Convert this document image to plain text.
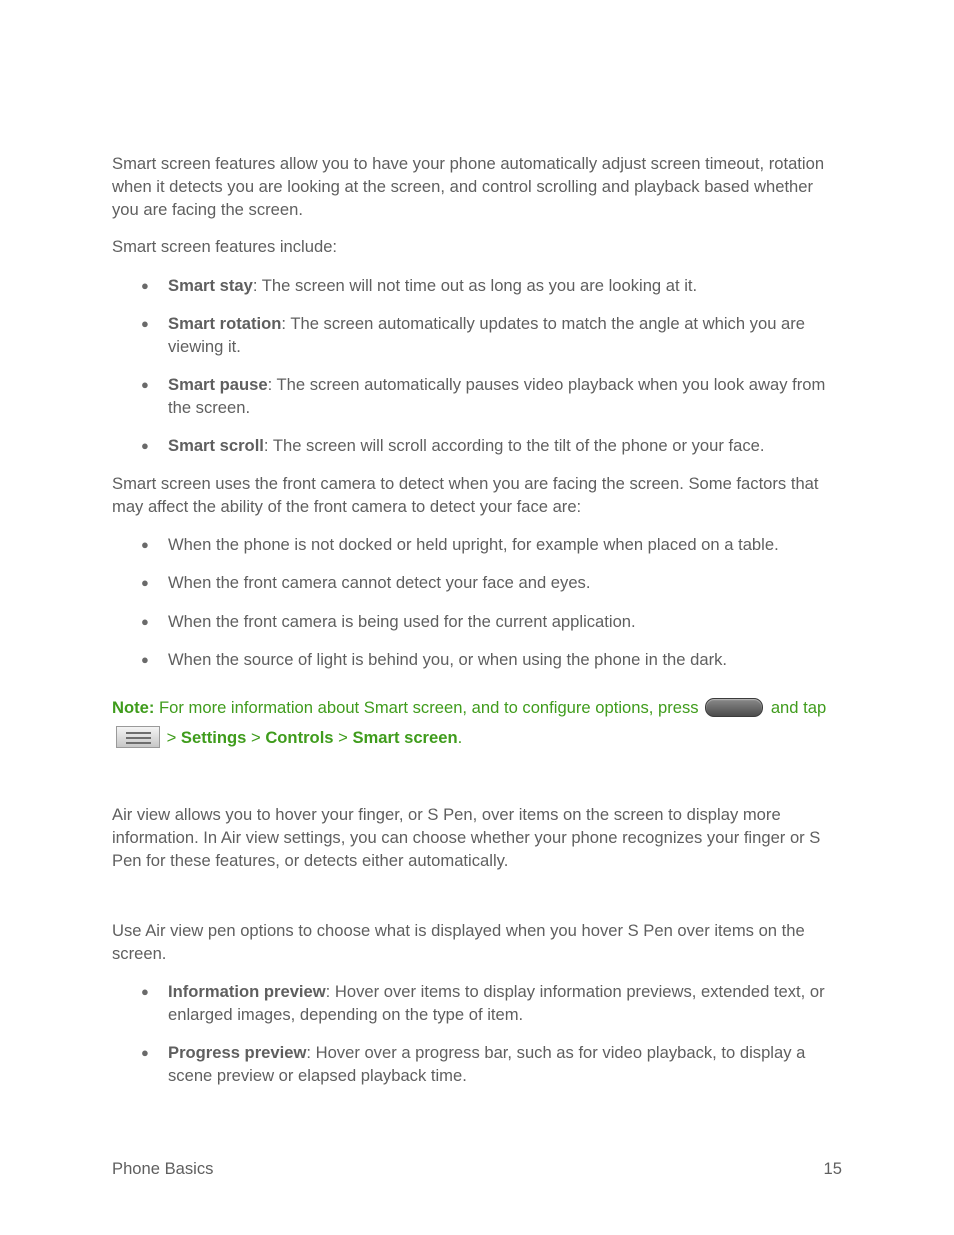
Smart screen features allow you to have your phone automatically adjust screen timeout, rotation when it detects you are looking at the screen, and control scrolling and playback based whether you are facing the screen.

Smart screen features include:

● Smart stay: The screen will not time out as long as you are looking at it.

● Smart rotation: The screen automatically updates to match the angle at which you are viewing it.

● Smart pause: The screen automatically pauses video playback when you look away from the screen.

● Smart scroll: The screen will scroll according to the tilt of the phone or your face.

Smart screen uses the front camera to detect when you are facing the screen. Some factors that may affect the ability of the front camera to detect your face are:

● When the phone is not docked or held upright, for example when placed on a table.

● When the front camera cannot detect your face and eyes.

● When the front camera is being used for the current application.

● When the source of light is behind you, or when using the phone in the dark.

Note: For more information about Smart screen, and to configure options, press	and tap
> Settings > Controls > Smart screen.

Air view allows you to hover your finger, or S Pen, over items on the screen to display more information. In Air view settings, you can choose whether your phone recognizes your finger or S Pen for these features, or detects either automatically.

Use Air view pen options to choose what is displayed when you hover S Pen over items on the screen.

● Information preview: Hover over items to display information previews, extended text, or enlarged images, depending on the type of item.

● Progress preview: Hover over a progress bar, such as for video playback, to display a scene preview or elapsed playback time.

Phone Basics	15
